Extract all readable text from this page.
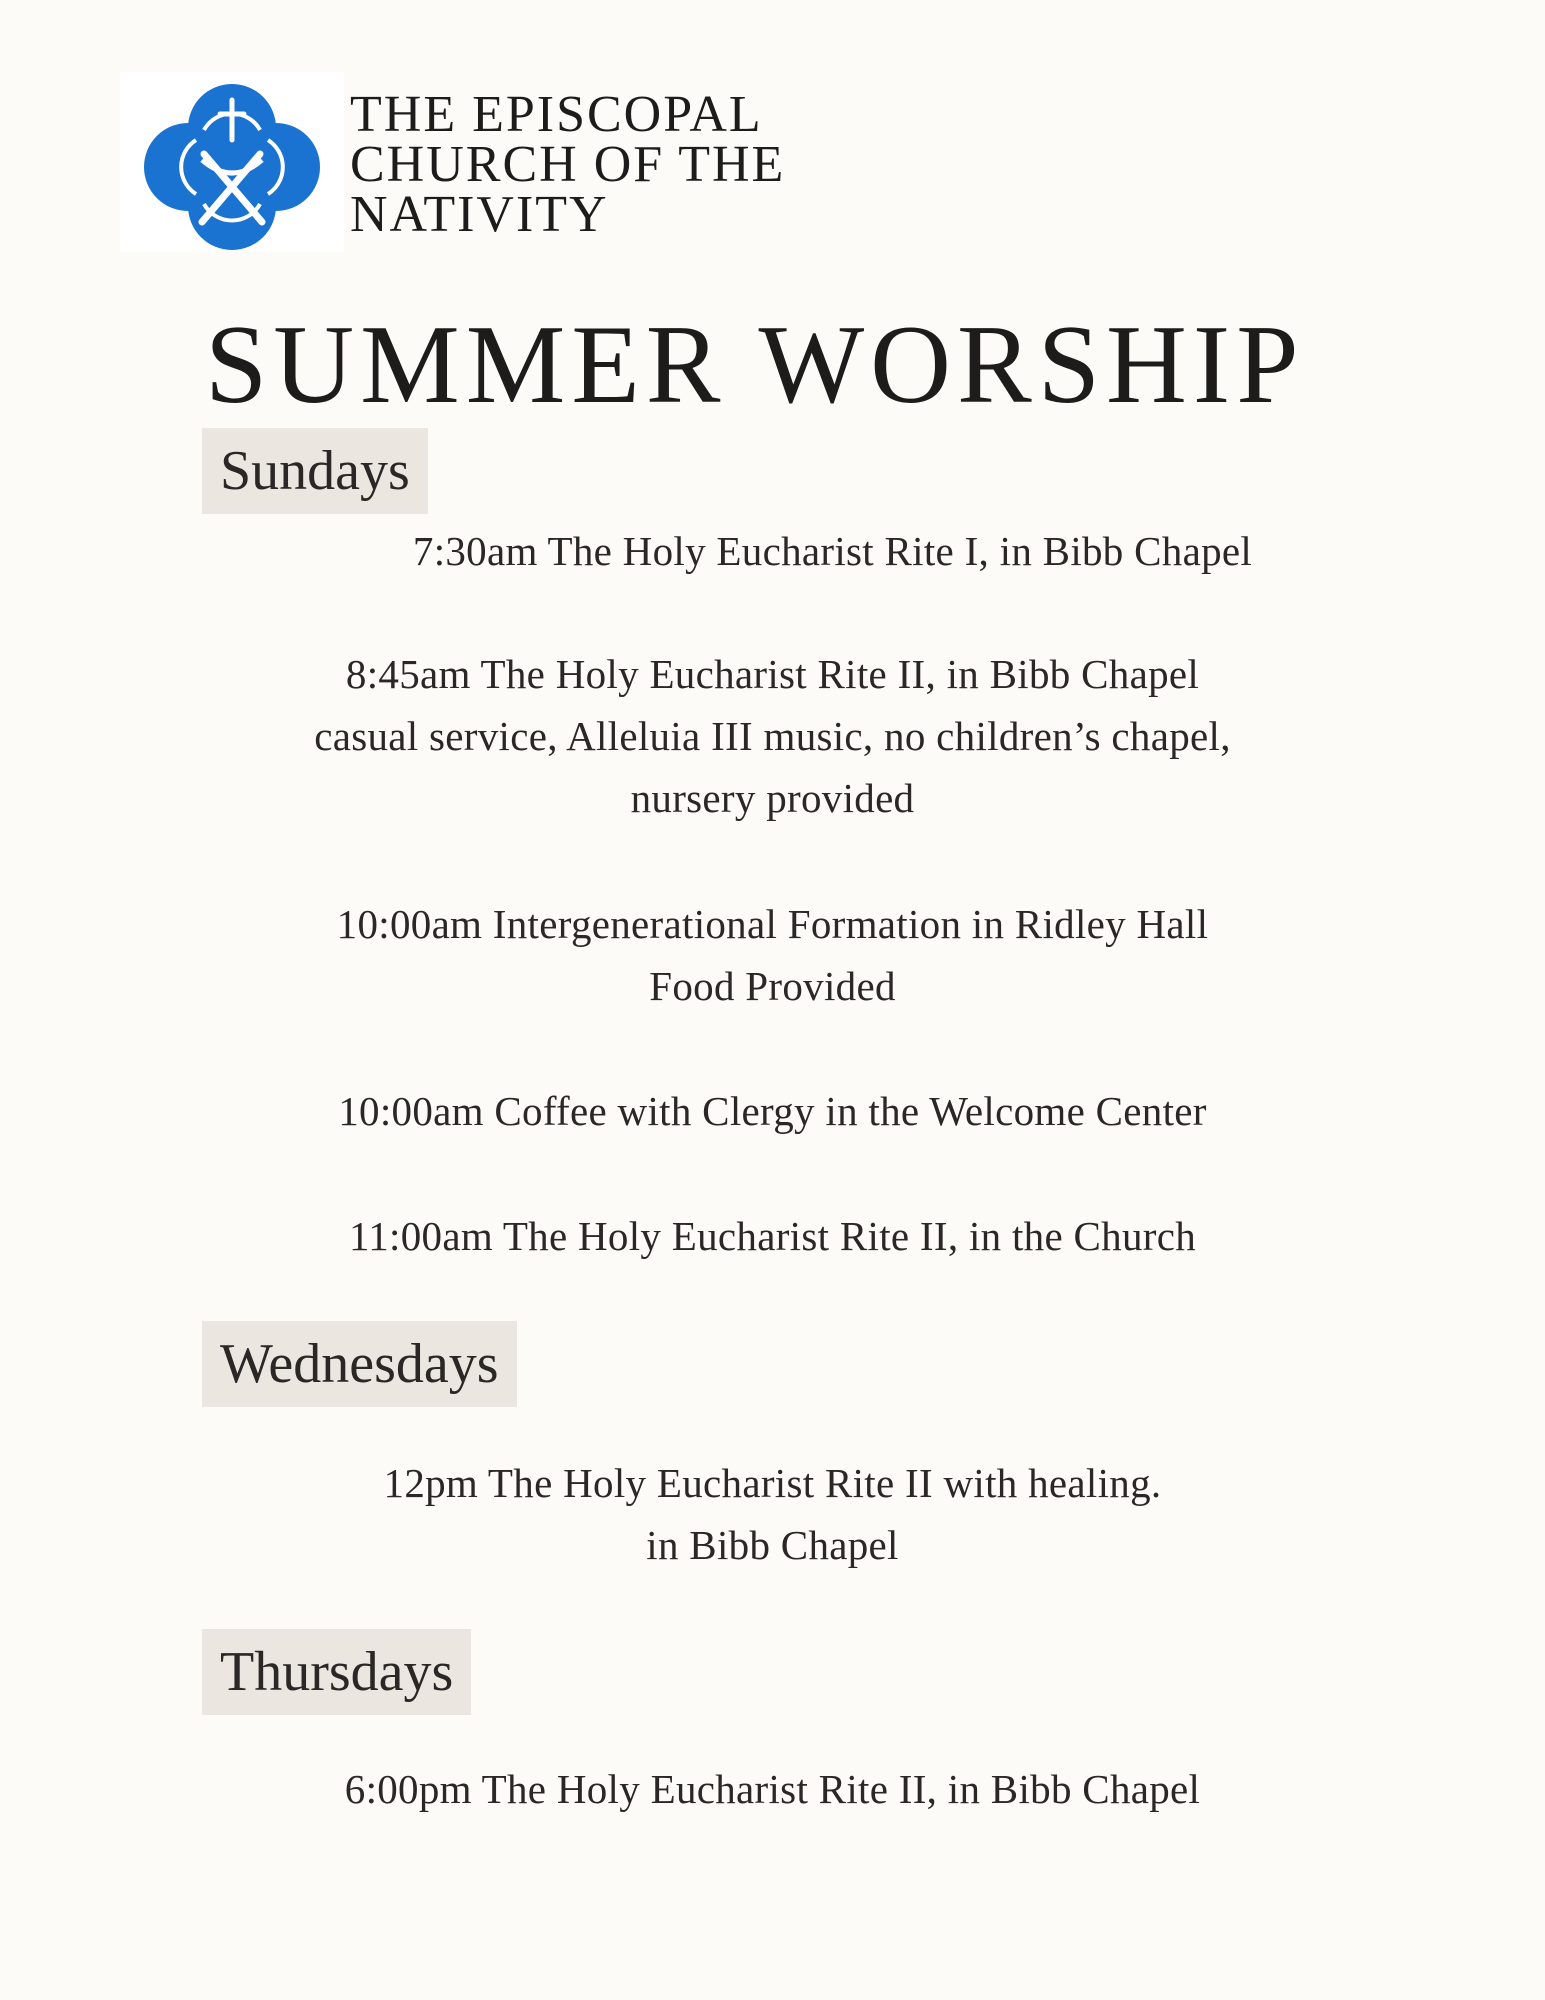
THE EPISCOPAL
CHURCH OF THE
NATIVITY
SUMMER WORSHIP
Sundays
7:30am The Holy Eucharist Rite I, in Bibb Chapel
8:45am The Holy Eucharist Rite II, in Bibb Chapel
casual service, Alleluia III music, no children’s chapel,
nursery provided
10:00am Intergenerational Formation in Ridley Hall
Food Provided
10:00am Coffee with Clergy in the Welcome Center
11:00am The Holy Eucharist Rite II, in the Church
Wednesdays
12pm The Holy Eucharist Rite II with healing.
in Bibb Chapel
Thursdays
6:00pm The Holy Eucharist Rite II, in Bibb Chapel
